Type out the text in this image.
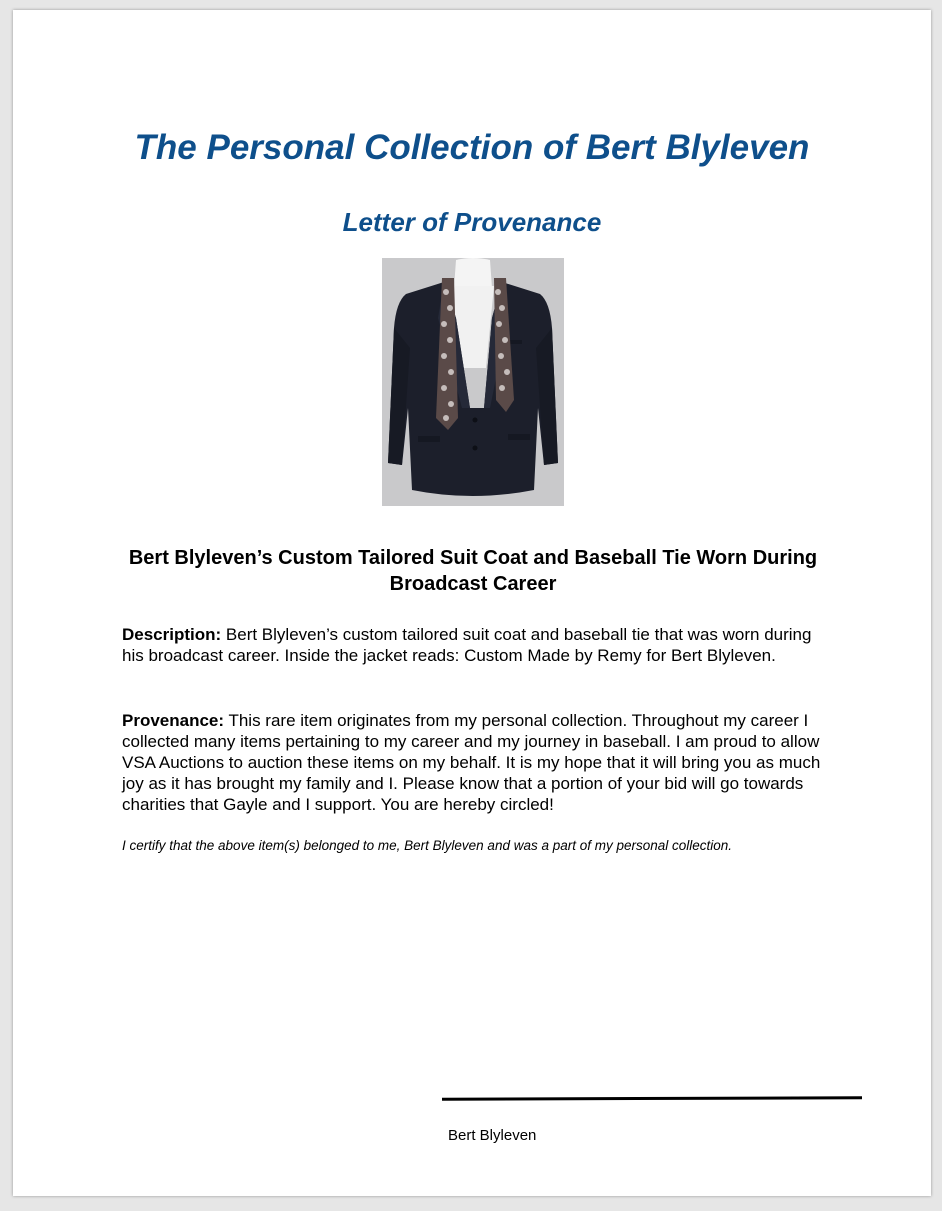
The Personal Collection of Bert Blyleven
Letter of Provenance
Bert Blyleven’s Custom Tailored Suit Coat and Baseball Tie Worn During Broadcast Career

Description: Bert Blyleven’s custom tailored suit coat and baseball tie that was worn during his broadcast career. Inside the jacket reads: Custom Made by Remy for Bert Blyleven.

Provenance: This rare item originates from my personal collection. Throughout my career I collected many items pertaining to my career and my journey in baseball. I am proud to allow VSA Auctions to auction these items on my behalf. It is my hope that it will bring you as much joy as it has brought my family and I. Please know that a portion of your bid will go towards charities that Gayle and I support. You are hereby circled!

I certify that the above item(s) belonged to me, Bert Blyleven and was a part of my personal collection.

Bert Blyleven
